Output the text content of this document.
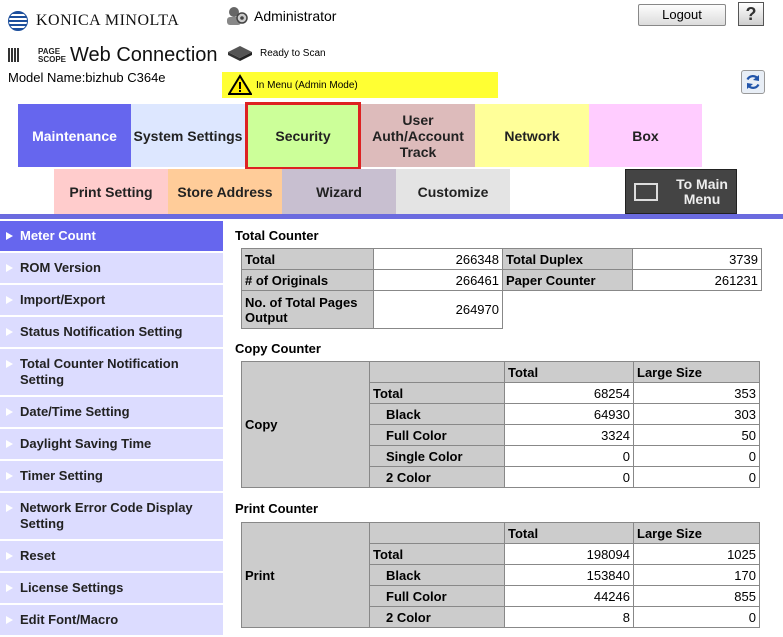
KONICA MINOLTA
PAGE
SCOPE Web Connection
Model Name:bizhub C364e
Administrator
Ready to Scan
In Menu (Admin Mode)
Logout	?
Maintenance	System Settings	Security
User Auth/Account Track
Network	Box
Print Setting	Store Address	Wizard	Customize	To Main Menu
Meter Count
ROM Version
Import/Export
Status Notification Setting
Total Counter Notification Setting
Date/Time Setting
Daylight Saving Time
Timer Setting
Network Error Code Display Setting
Reset
License Settings
Edit Font/Macro
Total Counter
Total	266348	Total Duplex	3739
# of Originals	266461	Paper Counter	261231
No. of Total Pages Output	264970		
Copy Counter
Copy		Total	Large Size
	Total	68254	353
	Black	64930	303
	Full Color	3324	50
	Single Color	0	0
	2 Color	0	0
Print Counter
Print		Total	Large Size
	Total	198094	1025
	Black	153840	170
	Full Color	44246	855
	2 Color	8	0
